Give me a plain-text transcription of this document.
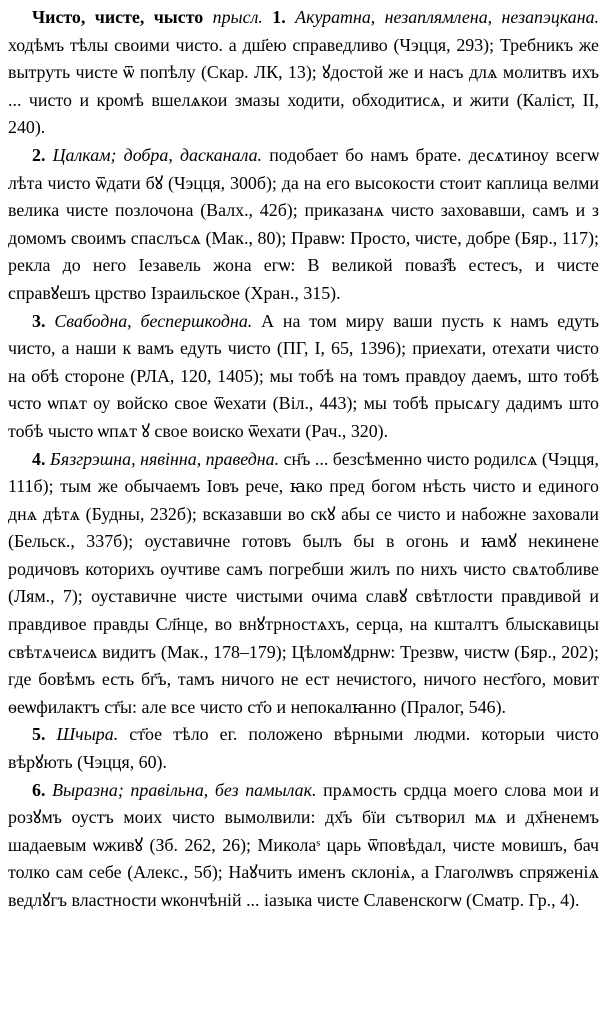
Чисто, чисте, чысто прысл. 1. Акуратна, незаплямлена, незапэцкана. ходѣмъ тѣлы своими чисто. а дш҃ею справедливо (Чэцця, 293); Требникъ же вытруть чисте ѿ попѣлу (Скар. ЛК, 13); ꙋдостой же и насъ длѧ молитвъ ихъ ... чисто и кромѣ вшелѧкои змазы ходити, обходитисѧ, и жити (Каліст, ІІ, 240).

2. Цалкам; добра, дасканала. подобает бо намъ брате. десѧтиноу всегѡ лѣта чисто ѿдати бꙋ (Чэцця, 300б); да на его высокости стоит каплица велми велика чисте позлочона (Валх., 42б); приказанѧ чисто заховавши, самъ и з домомъ своимъ спаслъсѧ (Мак., 80); Правѡ: Просто, чисте, добре (Бяр., 117); рекла до него Іезавель жона егѡ: В великой поваз̑ѣ естесъ, и чисте справꙋешъ црство Ізраильское (Хран., 315).

3. Свабодна, беспершкодна. А на том миру ваши пусть к намъ едуть чисто, а наши к вамъ едуть чисто (ПГ, І, 65, 1396); приехати, отехати чисто на обѣ стороне (РЛА, 120, 1405); мы тобѣ на томъ правдоу даемъ, што тобѣ чсто ѡпѧт оу войско свое ѿехати (Віл., 443); мы тобѣ прысѧгу дадимъ што тобѣ чысто ѡпѧт ꙋ свое воиско ѿехати (Рач., 320).

4. Бязгрэшна, нявінна, праведна. сн҃ъ ... безсѣменно чисто родилсѧ (Чэцця, 111б); тым же обычаемъ Іовъ рече, ꙗко пред богом нѣсть чисто и единого днѧ дѣтѧ (Будны, 232б); всказавши во скꙋ абы се чисто и набожне заховали (Бельск., 337б); оуставичне готовъ былъ бы в огонь и ꙗмꙋ некинене родичовъ которихъ оучтиве самъ погребши жилъ по нихъ чисто свѧтобливе (Лям., 7); оуставичне чисте чистыми очима славꙋ свѣтлости правдивой и правдивое правды Сл҃нце, во внꙋтрностѧхъ, серца, на кшталтъ блыскавицы свѣтѧчеисѧ видитъ (Мак., 178–179); Цѣломꙋдрнѡ: Трезвѡ, чистѡ (Бяр., 202); где бовѣмъ есть бг҃ъ, тамъ ничого не ест нечистого, ничого нест҃ого, мовит ѳеѡфилактъ ст҃ы: але все чисто ст҃о и непокалꙗнно (Пралог, 546).

5. Шчыра. ст҃ое тѣло ег. положено вѣрными людми. которыи чисто вѣрꙋють (Чэцця, 60).

6. Выразна; правільна, без памылак. прѧмость срдца моего слова мои и розꙋмъ оустъ моих чисто вымолвили: дх҃ъ бїи сътворил мѧ и дх҃ненемъ шадаевым ѡживꙋ (Зб. 262, 26); Миколаˢ царь ѿповѣдал, чисте мовишъ, бач толко сам себе (Алекс., 5б); Наꙋчить именъ склоніѧ, а Глаголѡвъ спряженіѧ ведлꙋгъ властности ѡкончѣній ... іазыка чисте Славенскогѡ (Сматр. Гр., 4).
